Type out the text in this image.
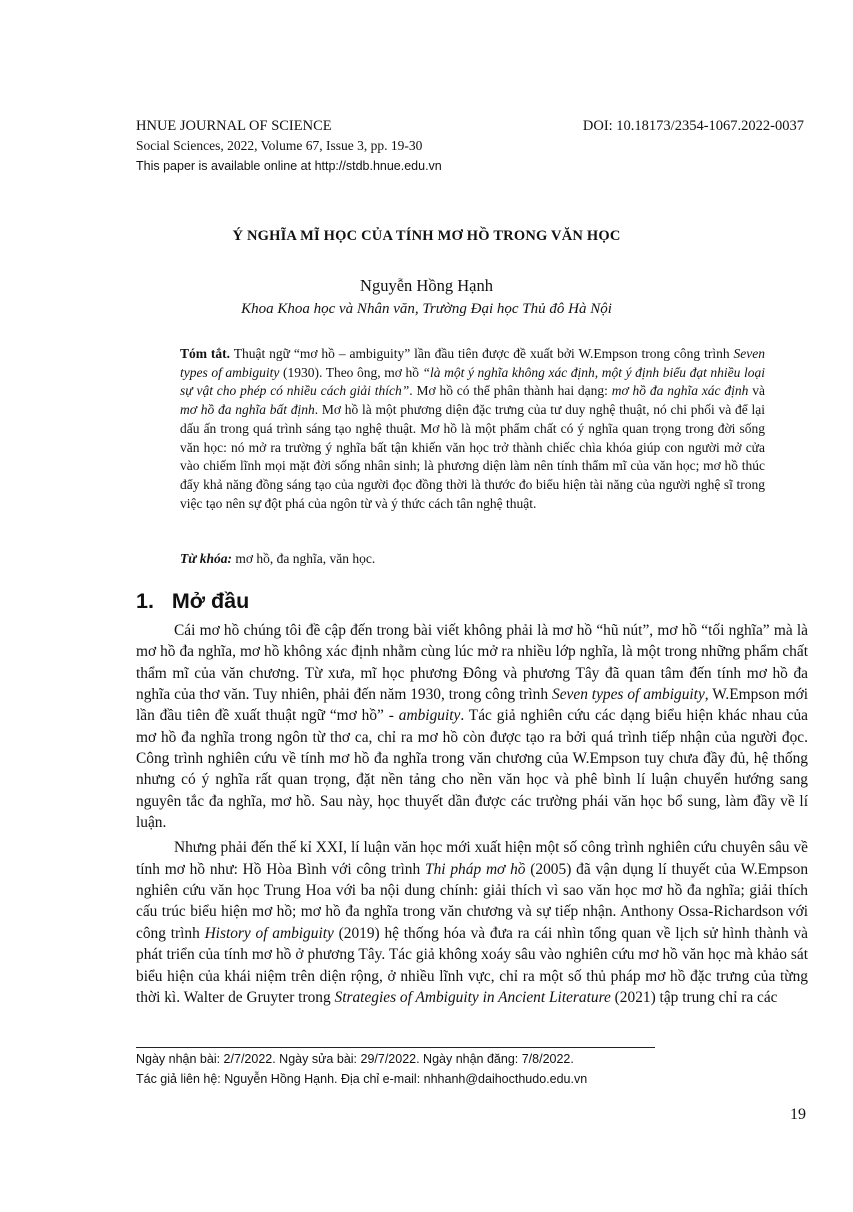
HNUE JOURNAL OF SCIENCE
Social Sciences, 2022, Volume 67, Issue 3, pp. 19-30
This paper is available online at http://stdb.hnue.edu.vn
DOI: 10.18173/2354-1067.2022-0037
Ý NGHĨA MĨ HỌC CỦA TÍNH MƠ HỒ TRONG VĂN HỌC
Nguyễn Hồng Hạnh
Khoa Khoa học và Nhân văn, Trường Đại học Thủ đô Hà Nội

Tóm tắt. Thuật ngữ “mơ hồ – ambiguity” lần đầu tiên được đề xuất bởi W.Empson trong công trình Seven types of ambiguity (1930). Theo ông, mơ hồ “là một ý nghĩa không xác định, một ý định biểu đạt nhiều loại sự vật cho phép có nhiều cách giải thích”. Mơ hồ có thể phân thành hai dạng: mơ hồ đa nghĩa xác định và mơ hồ đa nghĩa bất định. Mơ hồ là một phương diện đặc trưng của tư duy nghệ thuật, nó chi phối và để lại dấu ấn trong quá trình sáng tạo nghệ thuật. Mơ hồ là một phẩm chất có ý nghĩa quan trọng trong đời sống văn học: nó mở ra trường ý nghĩa bất tận khiến văn học trở thành chiếc chìa khóa giúp con người mở cửa vào chiếm lĩnh mọi mặt đời sống nhân sinh; là phương diện làm nên tính thẩm mĩ của văn học; mơ hồ thúc đẩy khả năng đồng sáng tạo của người đọc đồng thời là thước đo biểu hiện tài năng của người nghệ sĩ trong việc tạo nên sự đột phá của ngôn từ và ý thức cách tân nghệ thuật.

Từ khóa: mơ hồ, đa nghĩa, văn học.
1.   Mở đầu

Cái mơ hồ chúng tôi đề cập đến trong bài viết không phải là mơ hồ “hũ nút”, mơ hồ “tối nghĩa” mà là mơ hồ đa nghĩa, mơ hồ không xác định nhằm cùng lúc mở ra nhiều lớp nghĩa, là một trong những phẩm chất thẩm mĩ của văn chương. Từ xưa, mĩ học phương Đông và phương Tây đã quan tâm đến tính mơ hồ đa nghĩa của thơ văn. Tuy nhiên, phải đến năm 1930, trong công trình Seven types of ambiguity, W.Empson mới lần đầu tiên đề xuất thuật ngữ “mơ hồ” - ambiguity. Tác giả nghiên cứu các dạng biểu hiện khác nhau của mơ hồ đa nghĩa trong ngôn từ thơ ca, chỉ ra mơ hồ còn được tạo ra bởi quá trình tiếp nhận của người đọc. Công trình nghiên cứu về tính mơ hồ đa nghĩa trong văn chương của W.Empson tuy chưa đầy đủ, hệ thống nhưng có ý nghĩa rất quan trọng, đặt nền tảng cho nền văn học và phê bình lí luận chuyển hướng sang nguyên tắc đa nghĩa, mơ hồ. Sau này, học thuyết dần được các trường phái văn học bổ sung, làm đầy về lí luận.

Nhưng phải đến thế kỉ XXI, lí luận văn học mới xuất hiện một số công trình nghiên cứu chuyên sâu về tính mơ hồ như: Hồ Hòa Bình với công trình Thi pháp mơ hồ (2005) đã vận dụng lí thuyết của W.Empson nghiên cứu văn học Trung Hoa với ba nội dung chính: giải thích vì sao văn học mơ hồ đa nghĩa; giải thích cấu trúc biểu hiện mơ hồ; mơ hồ đa nghĩa trong văn chương và sự tiếp nhận. Anthony Ossa-Richardson với công trình History of ambiguity (2019) hệ thống hóa và đưa ra cái nhìn tổng quan về lịch sử hình thành và phát triển của tính mơ hồ ở phương Tây. Tác giả không xoáy sâu vào nghiên cứu mơ hồ văn học mà khảo sát biểu hiện của khái niệm trên diện rộng, ở nhiều lĩnh vực, chỉ ra một số thủ pháp mơ hồ đặc trưng của từng thời kì. Walter de Gruyter trong Strategies of Ambiguity in Ancient Literature (2021) tập trung chỉ ra các

Ngày nhận bài: 2/7/2022. Ngày sửa bài: 29/7/2022. Ngày nhận đăng: 7/8/2022.
Tác giả liên hệ: Nguyễn Hồng Hạnh. Địa chỉ e-mail: nhhanh@daihocthudo.edu.vn
19
